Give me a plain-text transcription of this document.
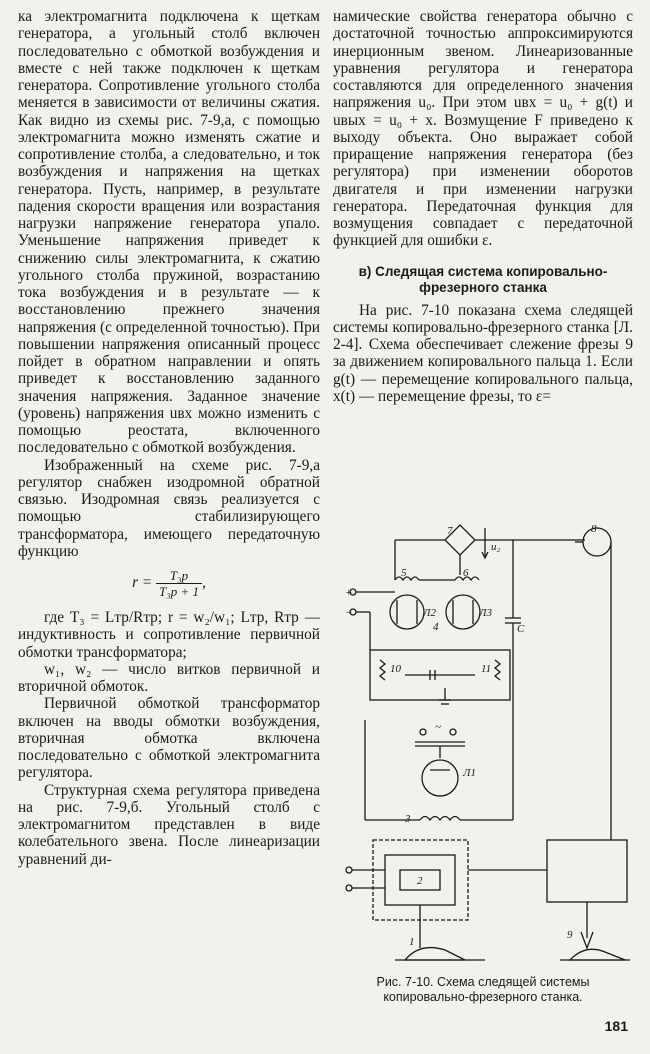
ка электромагнита подключена к щеткам генератора, а угольный столб включен последовательно с обмоткой возбуждения и вместе с ней также подключен к щеткам генератора. Сопротивление угольного столба меняется в зависимости от величины сжатия. Как видно из схемы рис. 7-9,а, с помощью электромагнита можно изменять сжатие и сопротивление столба, а следовательно, и ток возбуждения и напряжения на щетках генератора. Пусть, например, в результате падения скорости вращения или возрастания нагрузки напряжение генератора упало. Уменьшение напряжения приведет к снижению силы электромагнита, к сжатию угольного столба пружиной, возрастанию тока возбуждения и в результате — к восстановлению прежнего значения напряжения (с определенной точностью). При повышении напряжения описанный процесс пойдет в обратном направлении и опять приведет к восстановлению заданного значения напряжения. Заданное значение (уровень) напряжения uвх можно изменить с помощью реостата, включенного последовательно с обмоткой возбуждения.

Изображенный на схеме рис. 7-9,а регулятор снабжен изодромной обратной связью. Изодромная связь реализуется с помощью стабилизирующего трансформатора, имеющего передаточную функцию

$r = \frac{\text{T₃p}}{\text{T₃p + 1}}$ ,

где T₃ = Lтр/Rтр; r = w₂/w₁; Lтр, Rтр — индуктивность и сопротивление первичной обмотки трансформатора;

w₁, w₂ — число витков первичной и вторичной обмоток.

Первичной обмоткой трансформатор включен на вводы обмотки возбуждения, вторичная обмотка включена последовательно с обмоткой электромагнита регулятора.

Структурная схема регулятора приведена на рис. 7-9,б. Угольный столб с электромагнитом представлен в виде колебательного звена. После линеаризации уравнений ди-

намические свойства генератора обычно с достаточной точностью аппроксимируются инерционным звеном. Линеаризованные уравнения регулятора и генератора составляются для определенного значения напряжения u₀. При этом uвх = u₀ + g(t) и uвых = u₀ + x. Возмущение F приведено к выходу объекта. Оно выражает собой приращение напряжения генератора (без регулятора) при изменении оборотов двигателя и при изменении нагрузки генератора. Передаточная функция для возмущения совпадает с передаточной функцией для ошибки ε.

в) Следящая система копировально-фрезерного станка

На рис. 7-10 показана схема следящей системы копировально-фрезерного станка [Л. 2-4]. Схема обеспечивает слежение фрезы 9 за движением копировального пальца 1. Если g(t) — перемещение копировального пальца, x(t) — перемещение фрезы, то ε=

7	8
u₂
5	6
Л2	Л3
4	C
+
−
10	11
~
Л1
3
2
1
9
Рис. 7-10. Схема следящей системы копировально-фрезерного станка.
181
